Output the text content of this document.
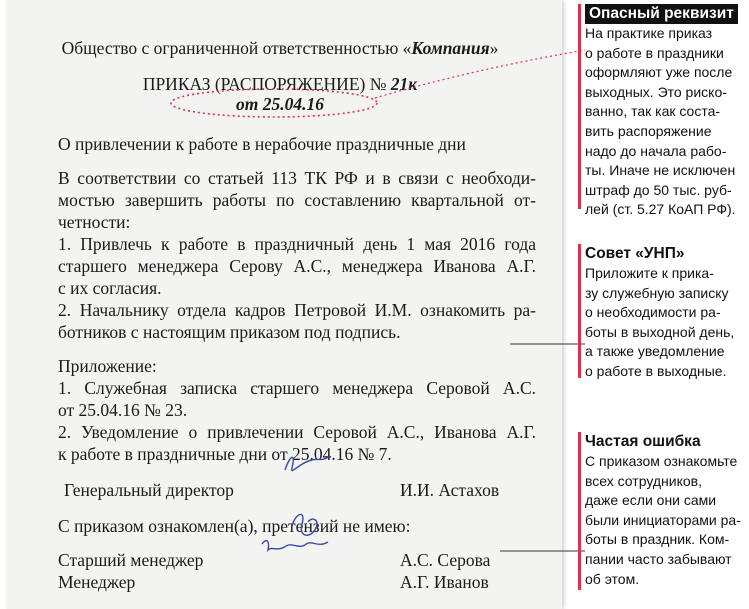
Общество с ограниченной ответственностью «Компания»
ПРИКАЗ (РАСПОРЯЖЕНИЕ) № 21к
от 25.04.16
О привлечении к работе в нерабочие праздничные дни
В соответствии со статьей 113 ТК РФ и в связи с необходи-
мостью завершить работы по составлению квартальной от-
четности:
1. Привлечь к работе в праздничный день 1 мая 2016 года
старшего менеджера Серову А.С., менеджера Иванова А.Г.
с их согласия.
2. Начальнику отдела кадров Петровой И.М. ознакомить ра-
ботников с настоящим приказом под подпись.
Приложение:
1. Служебная записка старшего менеджера Серовой А.С.
от 25.04.16 № 23.
2. Уведомление о привлечении Серовой А.С., Иванова А.Г.
к работе в праздничные дни от 25.04.16 № 7.
Генеральный директор	И.И. Астахов
С приказом ознакомлен(а), претензий не имею:
Старший менеджер	А.С. Серова
Менеджер	А.Г. Иванов
Опасный реквизит
На практике приказ
о работе в праздники
оформляют уже после
выходных. Это риско-
ванно, так как соста-
вить распоряжение
надо до начала рабо-
ты. Иначе не исключен
штраф до 50 тыс. руб-
лей (ст. 5.27 КоАП РФ).
Совет «УНП»
Приложите к прика-
зу служебную записку
о необходимости ра-
боты в выходной день,
а также уведомление
о работе в выходные.
Частая ошибка
С приказом ознакомьте
всех сотрудников,
даже если они сами
были инициаторами ра-
боты в праздник. Ком-
пании часто забывают
об этом.
